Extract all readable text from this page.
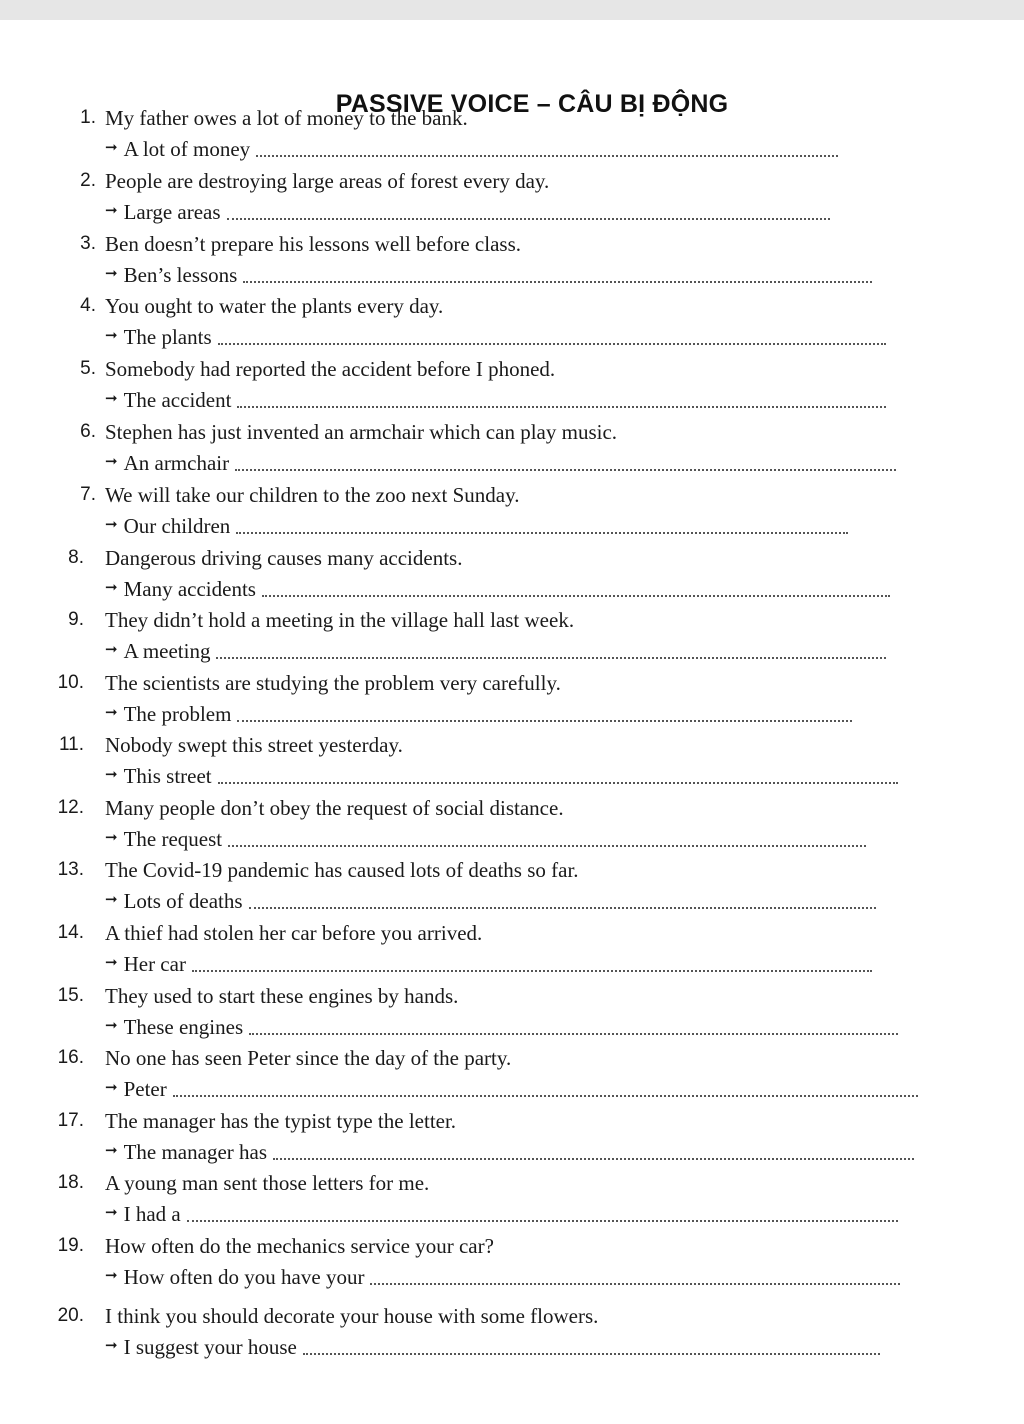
PASSIVE VOICE – CÂU BỊ ĐỘNG
1. My father owes a lot of money to the bank.
➞ A lot of money
2. People are destroying large areas of forest every day.
➞ Large areas
3. Ben doesn’t prepare his lessons well before class.
➞ Ben’s lessons
4. You ought to water the plants every day.
➞ The plants
5. Somebody had reported the accident before I phoned.
➞ The accident
6. Stephen has just invented an armchair which can play music.
➞ An armchair
7. We will take our children to the zoo next Sunday.
➞ Our children
8. Dangerous driving causes many accidents.
➞ Many accidents
9. They didn’t hold a meeting in the village hall last week.
➞ A meeting
10. The scientists are studying the problem very carefully.
➞ The problem
11. Nobody swept this street yesterday.
➞ This street
12. Many people don’t obey the request of social distance.
➞ The request
13. The Covid-19 pandemic has caused lots of deaths so far.
➞ Lots of deaths
14. A thief had stolen her car before you arrived.
➞ Her car
15. They used to start these engines by hands.
➞ These engines
16. No one has seen Peter since the day of the party.
➞ Peter
17. The manager has the typist type the letter.
➞ The manager has
18. A young man sent those letters for me.
➞ I had a
19. How often do the mechanics service your car?
➞ How often do you have your
20. I think you should decorate your house with some flowers.
➞ I suggest your house
